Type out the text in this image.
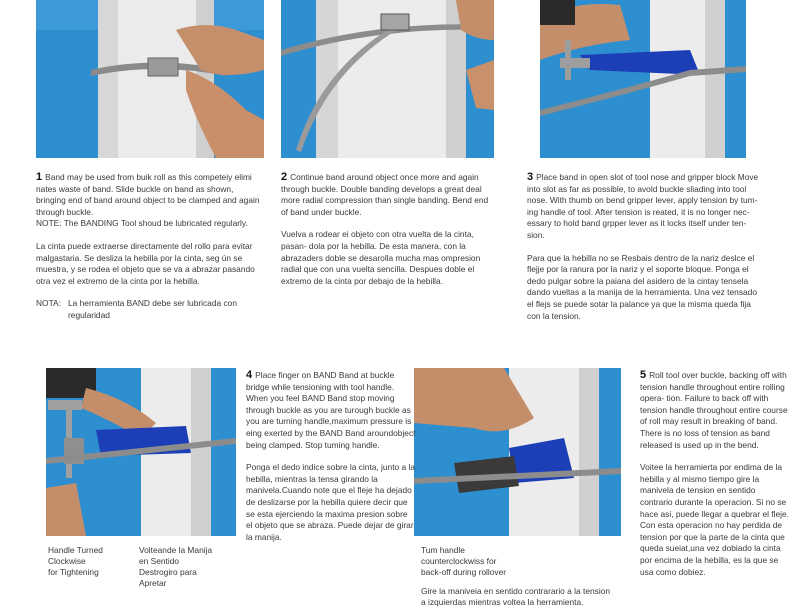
1 Band may be used from buik roll as this competeiy elimi nates waste of band. Slide buckle on band as shown, bringing end of band around object to be clamped and again through buckle.

NOTE: The BANDING Tool shoud be lubricated regularly.

La cinta puede extraerse directamente del rollo para evitar malgastaria. Se desliza la hebilla por la cinta, seg ún se muestra, y se rodea el objeto que se va a abrazar pasando otra vez el extremo de la cinta por la hebilla.

NOTA: La herramienta BAND debe ser lubricada con regularidad

2 Continue band around object once more and again through buckle. Double banding develops a great deal more radial compression than single banding. Bend end of band under buckle.

Vuelva a rodear ei objeto con otra vuelta de la cinta, pasan- dola por la hebilla. De esta manera, con la abrazaders doble se desarolla mucha mas ompresion radial que con una vuelta sencilla. Despues doble el extremo de la cinta por debajo de la hebilla.

3 Place band in open slot of tool nose and gripper block Move into slot as far as possible, to avold buckle sliading into tool nose. With thumb on bend gripper lever, apply tension by tum- ing handle of tool. After tension is reated, it is no longer nec- essary to hold band grpper lever as it locks itself under ten- sion.

Para que la hebilla no se Resbais dentro de la nariz deslce el flejje por la ranura por la nariz y el soporte bloque. Ponga el dedo pulgar sobre la paiana del asidero de la cintay tensela dando vueltas a la manija de la herramienta. Una vez tensado el flejs se puede sotar la palance ya que la misma queda fija con la tension.

Handle Turned
Clockwise
for Tightening
Volteande la Manija
en Sentido
Destrogiro para
Apretar

4 Place finger on BAND Band at buckle bridge while tensioning with tool handle. When you feel BAND Band stop moving through buckle as you are turough buckle as you are turning handle,maximum pressure is eing exerted by the BAND Band aroundobject being clamped. Stop tuming handle.

Ponga el dedo indice sobre la cinta, junto a la hebilla, mientras la tensa girando la manivela.Cuando note que el fleje ha dejado de deslizarse por la hebilla quiere decir que se esta ejerciendo la maxima presion sobre el objeto que se abraza. Puede dejar de girar la manija.

Tum handle
counterclockwiss for
back-off during rollover
Gire la maniveia en sentido contrarario a la tension
a izquierdas mientras voltea la herramienta.

5 Roll tool over buckle, backing off with tension handle throughout entire rolling opera- tion. Failure to back off with tension handle throughout entire course of roll may result in breaking of band. There is no loss of tension as band released is used up in the bend.

Voitee la herramierta por endima de la hebilla y al mismo tiempo gire la manivela de tension en sentido contrario durante la operacion. Si no se hace asi, puede llegar a quebrar el fleje. Con esta operacion no hay perdida de tension por que la parte de la cinta que queda sueiat,una vez dobiado la cinta por encima de la hebilla, es la que se usa como dobiez.
